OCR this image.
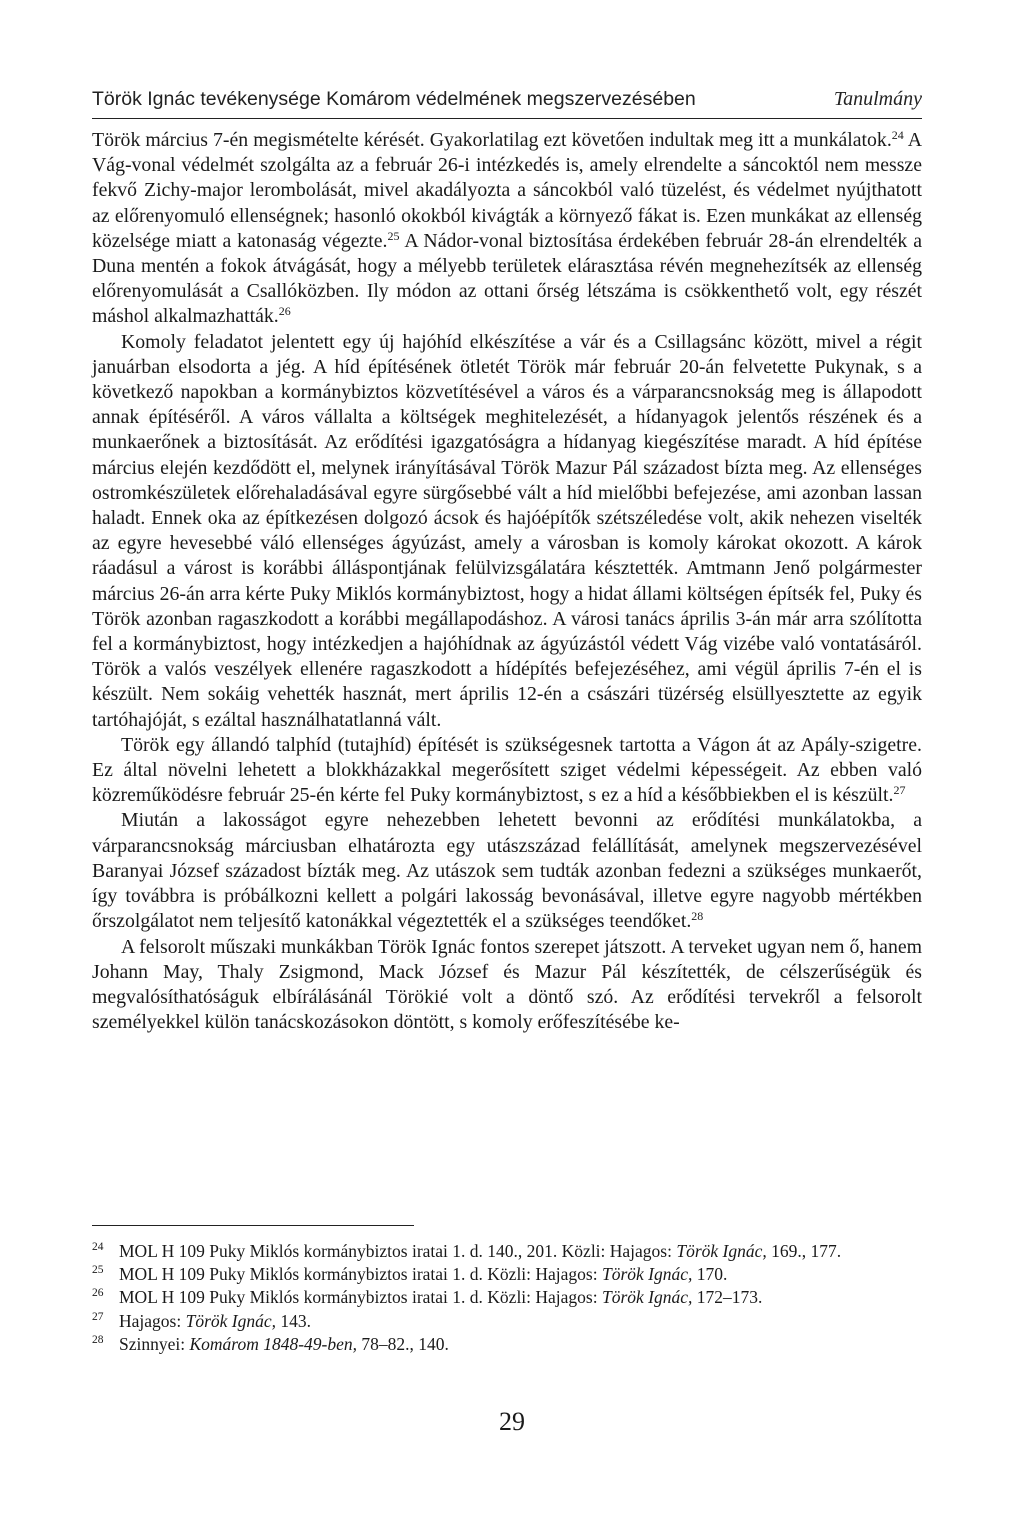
Török Ignác tevékenysége Komárom védelmének megszervezésében	Tanulmány

Török március 7-én megismételte kérését. Gyakorlatilag ezt követően indultak meg itt a munkálatok.$^{24}$ A Vág-vonal védelmét szolgálta az a február 26-i intézkedés is, amely elrendelte a sáncoktól nem messze fekvő Zichy-major lerombolását, mivel akadályozta a sáncokból való tüzelést, és védelmet nyújthatott az előrenyomuló ellenségnek; hasonló okokból kivágták a környező fákat is. Ezen munkákat az ellenség közelsége miatt a katonaság végezte.$^{25}$ A Nádor-vonal biztosítása érdekében február 28-án elrendelték a Duna mentén a fokok átvágását, hogy a mélyebb területek elárasztása révén megnehezítsék az ellenség előrenyomulását a Csallóközben. Ily módon az ottani őrség létszáma is csökkenthető volt, egy részét máshol alkalmazhatták.$^{26}$

Komoly feladatot jelentett egy új hajóhíd elkészítése a vár és a Csillagsánc között, mivel a régit januárban elsodorta a jég. A híd építésének ötletét Török már február 20-án felvetette Pukynak, s a következő napokban a kormánybiztos közvetítésével a város és a várparancsnokság meg is állapodott annak építéséről. A város vállalta a költségek meghitelezését, a hídanyagok jelentős részének és a munkaerőnek a biztosítását. Az erődítési igazgatóságra a hídanyag kiegészítése maradt. A híd építése március elején kezdődött el, melynek irányításával Török Mazur Pál századost bízta meg. Az ellenséges ostromkészületek előrehaladásával egyre sürgősebbé vált a híd mielőbbi befejezése, ami azonban lassan haladt. Ennek oka az építkezésen dolgozó ácsok és hajóépítők szétszéledése volt, akik nehezen viselték az egyre hevesebbé váló ellenséges ágyúzást, amely a városban is komoly károkat okozott. A károk ráadásul a várost is korábbi álláspontjának felülvizsgálatára késztették. Amtmann Jenő polgármester március 26-án arra kérte Puky Miklós kormánybiztost, hogy a hidat állami költségen építsék fel, Puky és Török azonban ragaszkodott a korábbi megállapodáshoz. A városi tanács április 3-án már arra szólította fel a kormánybiztost, hogy intézkedjen a hajóhídnak az ágyúzástól védett Vág vizébe való vontatásáról. Török a valós veszélyek ellenére ragaszkodott a hídépítés befejezéséhez, ami végül április 7-én el is készült. Nem sokáig vehették hasznát, mert április 12-én a császári tüzérség elsüllyesztette az egyik tartóhajóját, s ezáltal használhatatlanná vált.

Török egy állandó talphíd (tutajhíd) építését is szükségesnek tartotta a Vágon át az Apály-szigetre. Ez által növelni lehetett a blokkházakkal megerősített sziget védelmi képességeit. Az ebben való közreműködésre február 25-én kérte fel Puky kormánybiztost, s ez a híd a későbbiekben el is készült.$^{27}$

Miután a lakosságot egyre nehezebben lehetett bevonni az erődítési munkálatokba, a várparancsnokság márciusban elhatározta egy utászszázad felállítását, amelynek megszervezésével Baranyai József századost bízták meg. Az utászok sem tudták azonban fedezni a szükséges munkaerőt, így továbbra is próbálkozni kellett a polgári lakosság bevonásával, illetve egyre nagyobb mértékben őrszolgálatot nem teljesítő katonákkal végeztették el a szükséges teendőket.$^{28}$

A felsorolt műszaki munkákban Török Ignác fontos szerepet játszott. A terveket ugyan nem ő, hanem Johann May, Thaly Zsigmond, Mack József és Mazur Pál készítették, de célszerűségük és megvalósíthatóságuk elbírálásánál Törökié volt a döntő szó. Az erődítési tervekről a felsorolt személyekkel külön tanácskozásokon döntött, s komoly erőfeszítésébe ke-

24 MOL H 109 Puky Miklós kormánybiztos iratai 1. d. 140., 201. Közli: Hajagos: Török Ignác, 169., 177.
25 MOL H 109 Puky Miklós kormánybiztos iratai 1. d. Közli: Hajagos: Török Ignác, 170.
26 MOL H 109 Puky Miklós kormánybiztos iratai 1. d. Közli: Hajagos: Török Ignác, 172–173.
27 Hajagos: Török Ignác, 143.
28 Szinnyei: Komárom 1848-49-ben, 78–82., 140.
29
